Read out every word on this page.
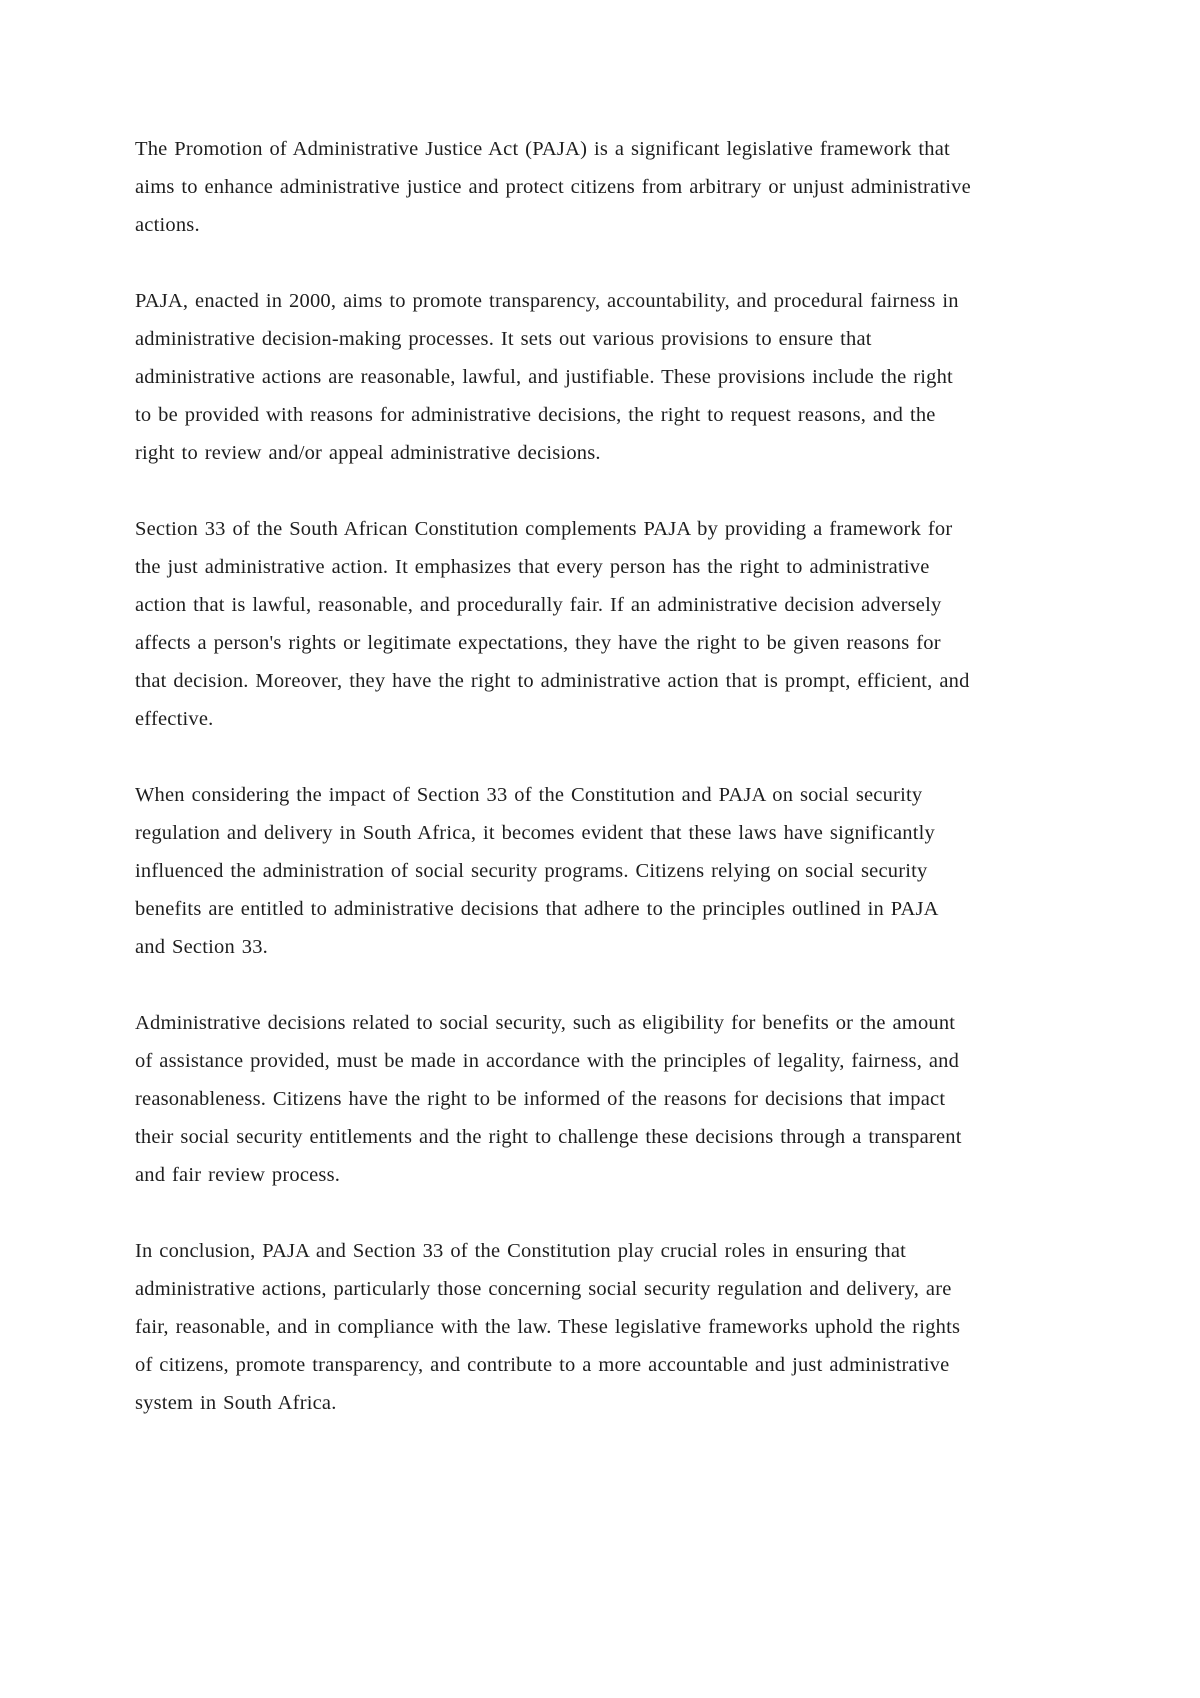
The Promotion of Administrative Justice Act (PAJA) is a significant legislative framework that aims to enhance administrative justice and protect citizens from arbitrary or unjust administrative actions.

PAJA, enacted in 2000, aims to promote transparency, accountability, and procedural fairness in administrative decision-making processes. It sets out various provisions to ensure that administrative actions are reasonable, lawful, and justifiable. These provisions include the right to be provided with reasons for administrative decisions, the right to request reasons, and the right to review and/or appeal administrative decisions.

Section 33 of the South African Constitution complements PAJA by providing a framework for the just administrative action. It emphasizes that every person has the right to administrative action that is lawful, reasonable, and procedurally fair. If an administrative decision adversely affects a person's rights or legitimate expectations, they have the right to be given reasons for that decision. Moreover, they have the right to administrative action that is prompt, efficient, and effective.

When considering the impact of Section 33 of the Constitution and PAJA on social security regulation and delivery in South Africa, it becomes evident that these laws have significantly influenced the administration of social security programs. Citizens relying on social security benefits are entitled to administrative decisions that adhere to the principles outlined in PAJA and Section 33.

Administrative decisions related to social security, such as eligibility for benefits or the amount of assistance provided, must be made in accordance with the principles of legality, fairness, and reasonableness. Citizens have the right to be informed of the reasons for decisions that impact their social security entitlements and the right to challenge these decisions through a transparent and fair review process.

In conclusion, PAJA and Section 33 of the Constitution play crucial roles in ensuring that administrative actions, particularly those concerning social security regulation and delivery, are fair, reasonable, and in compliance with the law. These legislative frameworks uphold the rights of citizens, promote transparency, and contribute to a more accountable and just administrative system in South Africa.
